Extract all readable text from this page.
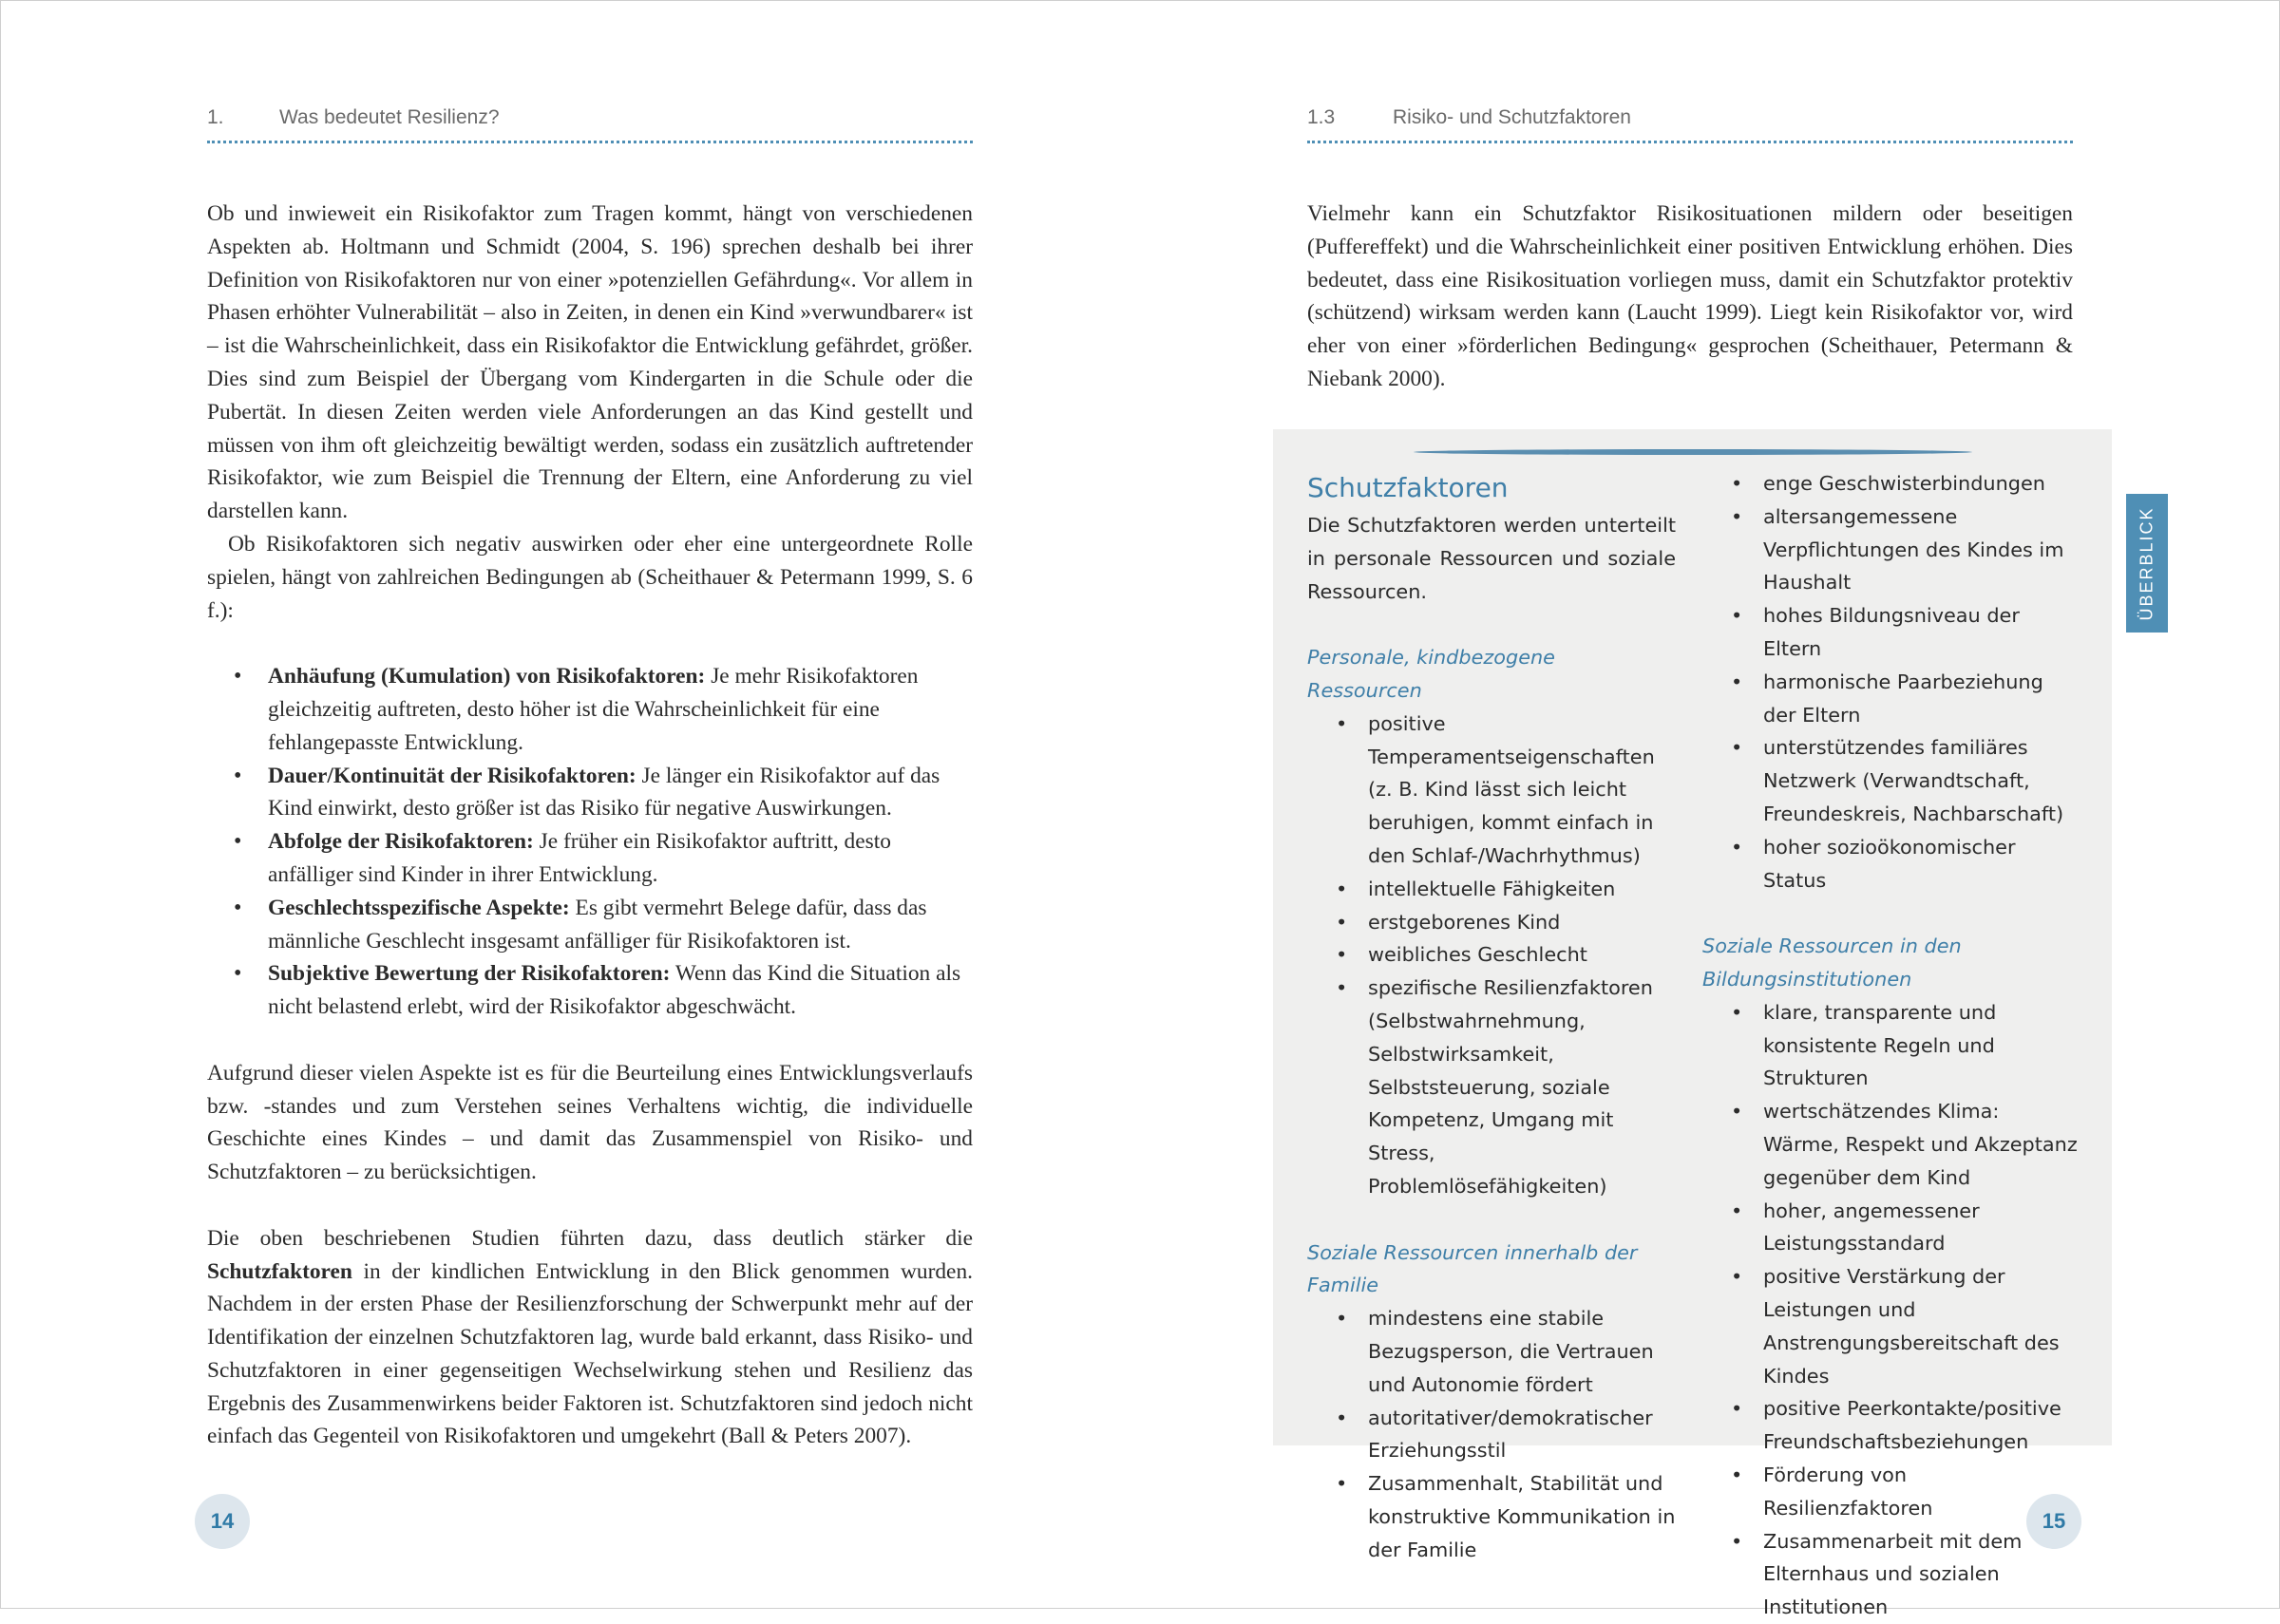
1.	Was bedeutet Resilienz?

Ob und inwieweit ein Risikofaktor zum Tragen kommt, hängt von verschiedenen Aspekten ab. Holtmann und Schmidt (2004, S. 196) sprechen deshalb bei ihrer Definition von Risikofaktoren nur von einer »potenziellen Gefährdung«. Vor allem in Phasen erhöhter Vulnerabilität – also in Zeiten, in denen ein Kind »verwundbarer« ist – ist die Wahrscheinlichkeit, dass ein Risikofaktor die Entwicklung gefährdet, größer. Dies sind zum Beispiel der Übergang vom Kindergarten in die Schule oder die Pubertät. In diesen Zeiten werden viele Anforderungen an das Kind gestellt und müssen von ihm oft gleichzeitig bewältigt werden, sodass ein zusätzlich auftretender Risikofaktor, wie zum Beispiel die Trennung der Eltern, eine Anforderung zu viel darstellen kann.

Ob Risikofaktoren sich negativ auswirken oder eher eine untergeordnete Rolle spielen, hängt von zahlreichen Bedingungen ab (Scheithauer & Petermann 1999, S. 6 f.):

• Anhäufung (Kumulation) von Risikofaktoren: Je mehr Risikofaktoren gleichzeitig auftreten, desto höher ist die Wahrscheinlichkeit für eine fehlangepasste Entwicklung.
• Dauer/Kontinuität der Risikofaktoren: Je länger ein Risikofaktor auf das Kind einwirkt, desto größer ist das Risiko für negative Auswirkungen.
• Abfolge der Risikofaktoren: Je früher ein Risikofaktor auftritt, desto anfälliger sind Kinder in ihrer Entwicklung.
• Geschlechtsspezifische Aspekte: Es gibt vermehrt Belege dafür, dass das männliche Geschlecht insgesamt anfälliger für Risikofaktoren ist.
• Subjektive Bewertung der Risikofaktoren: Wenn das Kind die Situation als nicht belastend erlebt, wird der Risikofaktor abgeschwächt.

Aufgrund dieser vielen Aspekte ist es für die Beurteilung eines Entwicklungsverlaufs bzw. -standes und zum Verstehen seines Verhaltens wichtig, die individuelle Geschichte eines Kindes – und damit das Zusammenspiel von Risiko- und Schutzfaktoren – zu berücksichtigen.

Die oben beschriebenen Studien führten dazu, dass deutlich stärker die Schutzfaktoren in der kindlichen Entwicklung in den Blick genommen wurden. Nachdem in der ersten Phase der Resilienzforschung der Schwerpunkt mehr auf der Identifikation der einzelnen Schutzfaktoren lag, wurde bald erkannt, dass Risiko- und Schutzfaktoren in einer gegenseitigen Wechselwirkung stehen und Resilienz das Ergebnis des Zusammenwirkens beider Faktoren ist. Schutzfaktoren sind jedoch nicht einfach das Gegenteil von Risikofaktoren und umgekehrt (Ball & Peters 2007).

14
1.3	Risiko- und Schutzfaktoren

Vielmehr kann ein Schutzfaktor Risikosituationen mildern oder beseitigen (Puffereffekt) und die Wahrscheinlichkeit einer positiven Entwicklung erhöhen. Dies bedeutet, dass eine Risikosituation vorliegen muss, damit ein Schutzfaktor protektiv (schützend) wirksam werden kann (Laucht 1999). Liegt kein Risikofaktor vor, wird eher von einer »förderlichen Bedingung« gesprochen (Scheithauer, Petermann & Niebank 2000).

Schutzfaktoren

Die Schutzfaktoren werden unterteilt in personale Ressourcen und soziale Ressourcen.

Personale, kindbezogene Ressourcen

• positive Temperamentseigenschaften (z. B. Kind lässt sich leicht beruhigen, kommt einfach in den Schlaf-/Wachrhythmus)
• intellektuelle Fähigkeiten
• erstgeborenes Kind
• weibliches Geschlecht
• spezifische Resilienzfaktoren (Selbstwahrnehmung, Selbstwirksamkeit, Selbststeuerung, soziale Kompetenz, Umgang mit Stress, Problemlösefähigkeiten)

Soziale Ressourcen innerhalb der Familie

• mindestens eine stabile Bezugsperson, die Vertrauen und Autonomie fördert
• autoritativer/demokratischer Erziehungsstil
• Zusammenhalt, Stabilität und konstruktive Kommunikation in der Familie
• enge Geschwisterbindungen
• altersangemessene Verpflichtungen des Kindes im Haushalt
• hohes Bildungsniveau der Eltern
• harmonische Paarbeziehung der Eltern
• unterstützendes familiäres Netzwerk (Verwandtschaft, Freundeskreis, Nachbarschaft)
• hoher sozioökonomischer Status

Soziale Ressourcen in den Bildungsinstitutionen

• klare, transparente und konsistente Regeln und Strukturen
• wertschätzendes Klima: Wärme, Respekt und Akzeptanz gegenüber dem Kind
• hoher, angemessener Leistungsstandard
• positive Verstärkung der Leistungen und Anstrengungsbereitschaft des Kindes
• positive Peerkontakte/positive Freundschaftsbeziehungen
• Förderung von Resilienzfaktoren
• Zusammenarbeit mit dem Elternhaus und sozialen Institutionen
ÜBERBLICK
15
